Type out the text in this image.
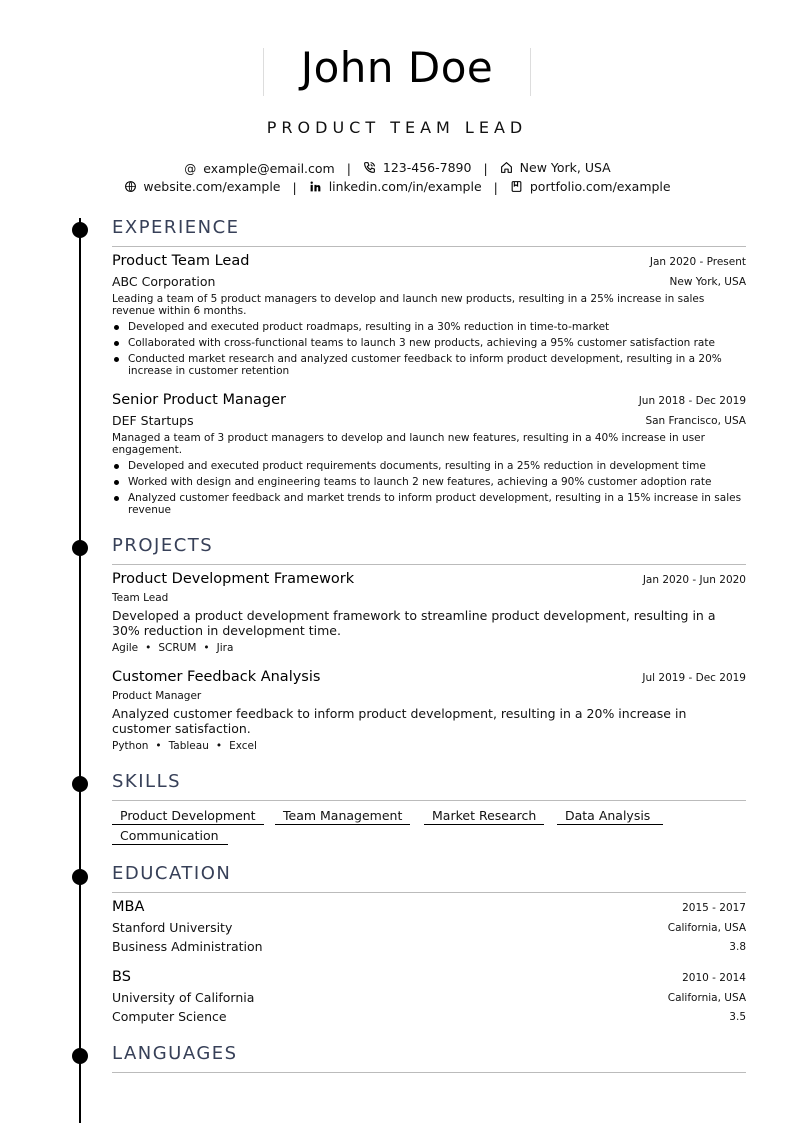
John Doe
PRODUCT TEAM LEAD
@ example@email.com |	123-456-7890 |	New York, USA
website.com/example |	linkedin.com/in/example |	portfolio.com/example
EXPERIENCE
Product Team Lead	Jan 2020 - Present
ABC Corporation	New York, USA
Leading a team of 5 product managers to develop and launch new products, resulting in a 25% increase in sales revenue within 6 months.
Developed and executed product roadmaps, resulting in a 30% reduction in time-to-market
Collaborated with cross-functional teams to launch 3 new products, achieving a 95% customer satisfaction rate
Conducted market research and analyzed customer feedback to inform product development, resulting in a 20% increase in customer retention
Senior Product Manager	Jun 2018 - Dec 2019
DEF Startups	San Francisco, USA
Managed a team of 3 product managers to develop and launch new features, resulting in a 40% increase in user engagement.
Developed and executed product requirements documents, resulting in a 25% reduction in development time
Worked with design and engineering teams to launch 2 new features, achieving a 90% customer adoption rate
Analyzed customer feedback and market trends to inform product development, resulting in a 15% increase in sales revenue
PROJECTS
Product Development Framework	Jan 2020 - Jun 2020
Team Lead
Developed a product development framework to streamline product development, resulting in a 30% reduction in development time.
Agile • SCRUM • Jira
Customer Feedback Analysis	Jul 2019 - Dec 2019
Product Manager
Analyzed customer feedback to inform product development, resulting in a 20% increase in customer satisfaction.
Python • Tableau • Excel
SKILLS
Product Development	Team Management	Market Research	Data Analysis
Communication
EDUCATION
MBA	2015 - 2017
Stanford University	California, USA
Business Administration	3.8
BS	2010 - 2014
University of California	California, USA
Computer Science	3.5
LANGUAGES
